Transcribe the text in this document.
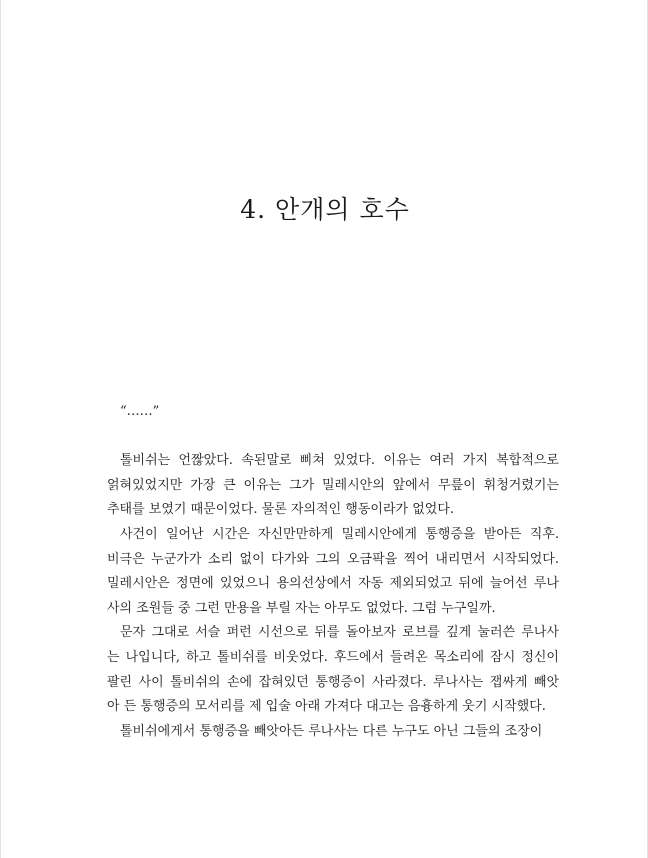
4. 안개의 호수
“……”
톨비쉬는 언짢았다. 속된말로 삐쳐 있었다. 이유는 여러 가지 복합적으로
얽혀있었지만 가장 큰 이유는 그가 밀레시안의 앞에서 무릎이 휘청거렸기는
추태를 보였기 때문이었다. 물론 자의적인 행동이라가 없었다.
사건이 일어난 시간은 자신만만하게 밀레시안에게 통행증을 받아든 직후.
비극은 누군가가 소리 없이 다가와 그의 오금팍을 찍어 내리면서 시작되었다.
밀레시안은 정면에 있었으니 용의선상에서 자동 제외되었고 뒤에 늘어선 루나
사의 조원들 중 그런 만용을 부릴 자는 아무도 없었다. 그럼 누구일까.
문자 그대로 서슬 퍼런 시선으로 뒤를 돌아보자 로브를 깊게 눌러쓴 루나사
는 나입니다, 하고 톨비쉬를 비웃었다. 후드에서 들려온 목소리에 잠시 정신이
팔린 사이 톨비쉬의 손에 잡혀있던 통행증이 사라졌다. 루나사는 잽싸게 빼앗
아 든 통행증의 모서리를 제 입술 아래 가져다 대고는 음흉하게 웃기 시작했다.
톨비쉬에게서 통행증을 빼앗아든 루나사는 다른 누구도 아닌 그들의 조장이
